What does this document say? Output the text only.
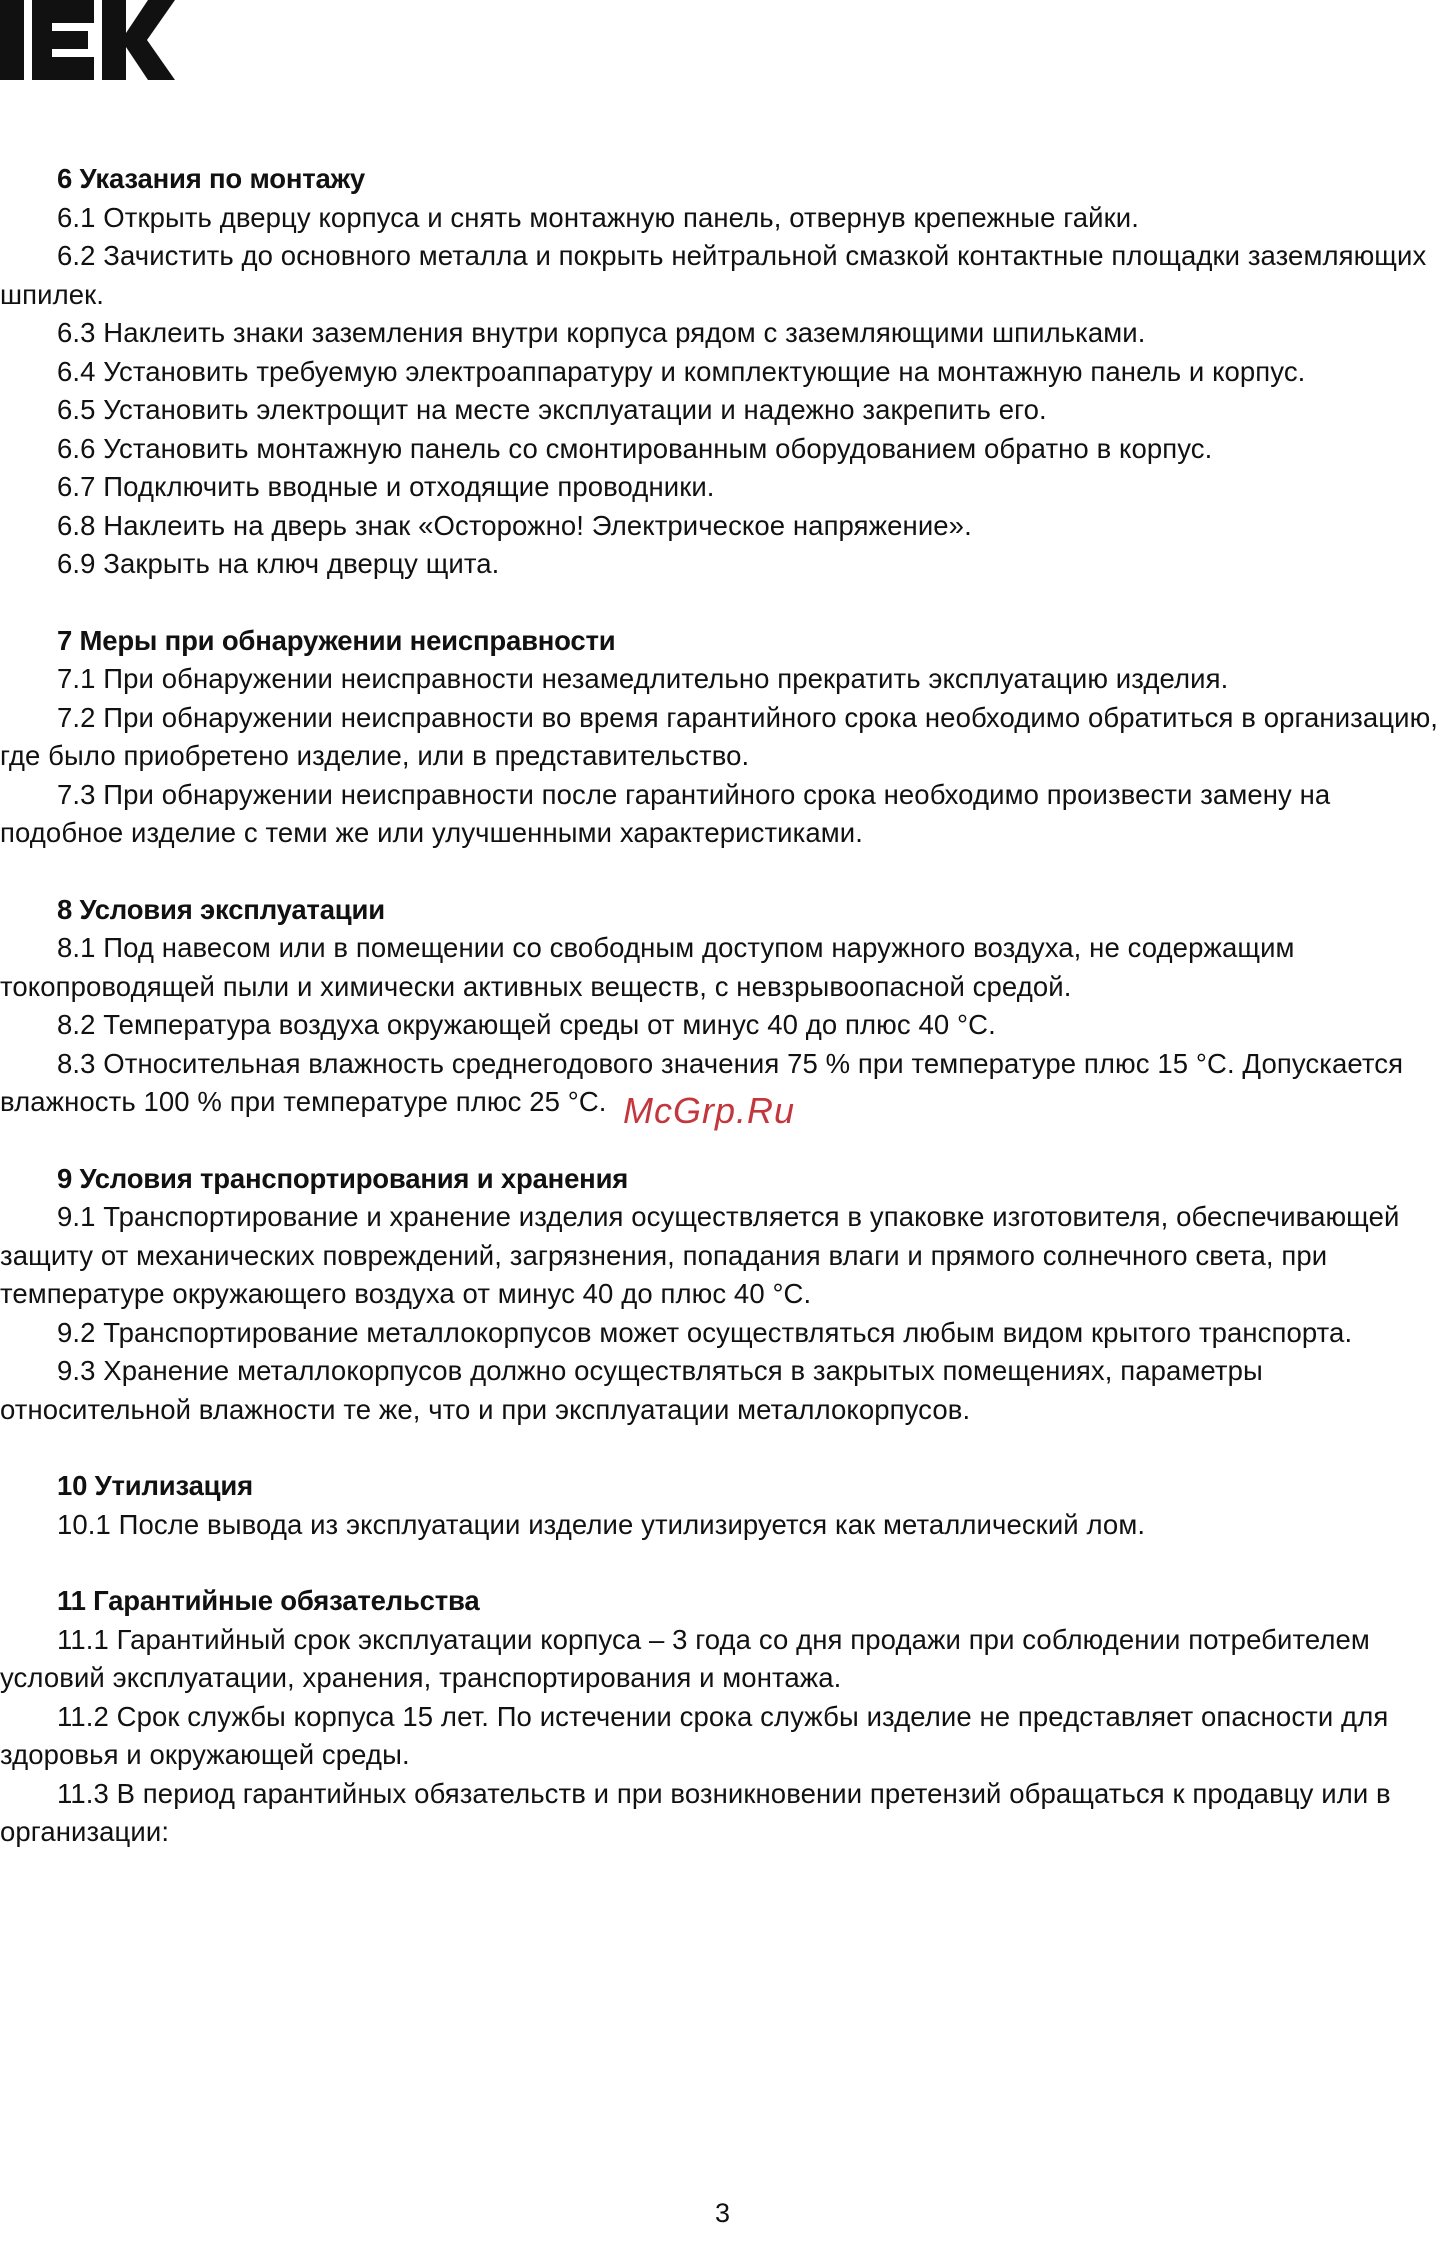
6 Указания по монтажу

6.1 Открыть дверцу корпуса и снять монтажную панель, отвернув крепежные гайки.

6.2 Зачистить до основного металла и покрыть нейтральной смазкой контактные площадки заземляющих шпилек.

6.3 Наклеить знаки заземления внутри корпуса рядом с заземляющими шпильками.

6.4 Установить требуемую электроаппаратуру и комплектующие на монтажную панель и корпус.

6.5 Установить электрощит на месте эксплуатации и надежно закрепить его.

6.6 Установить монтажную панель со смонтированным оборудованием обратно в корпус.

6.7 Подключить вводные и отходящие проводники.

6.8 Наклеить на дверь знак «Осторожно! Электрическое напряжение».

6.9 Закрыть на ключ дверцу щита.

7 Меры при обнаружении неисправности

7.1 При обнаружении неисправности незамедлительно прекратить эксплуатацию изделия.

7.2 При обнаружении неисправности во время гарантийного срока необходимо обратиться в организацию, где было приобретено изделие, или в представительство.

7.3 При обнаружении неисправности после гарантийного срока необходимо произвести замену на подобное изделие с теми же или улучшенными характеристиками.

8 Условия эксплуатации

8.1 Под навесом или в помещении со свободным доступом наружного воздуха, не содержащим токопроводящей пыли и химически активных веществ, с невзрывоопасной средой.

8.2 Температура воздуха окружающей среды от минус 40 до плюс 40 °С.

8.3 Относительная влажность среднегодового значения 75 % при температуре плюс 15 °С. Допускается влажность 100 % при температуре плюс 25 °С.

9 Условия транспортирования и хранения

9.1 Транспортирование и хранение изделия осуществляется в упаковке изготовителя, обеспечивающей защиту от механических повреждений, загрязнения, попадания влаги и прямого солнечного света, при температуре окружающего воздуха от минус 40 до плюс 40 °С.

9.2 Транспортирование металлокорпусов может осуществляться любым видом крытого транспорта.

9.3 Хранение металлокорпусов должно осуществляться в закрытых помещениях, параметры относительной влажности те же, что и при эксплуатации металлокорпусов.

10 Утилизация

10.1 После вывода из эксплуатации изделие утилизируется как металлический лом.

11 Гарантийные обязательства

11.1 Гарантийный срок эксплуатации корпуса – 3 года со дня продажи при соблюдении потребителем условий эксплуатации, хранения, транспортирования и монтажа.

11.2 Срок службы корпуса 15 лет. По истечении срока службы изделие не представляет опасности для здоровья и окружающей среды.

11.3 В период гарантийных обязательств и при возникновении претензий обращаться к продавцу или в организации:

McGrp.Ru
3
